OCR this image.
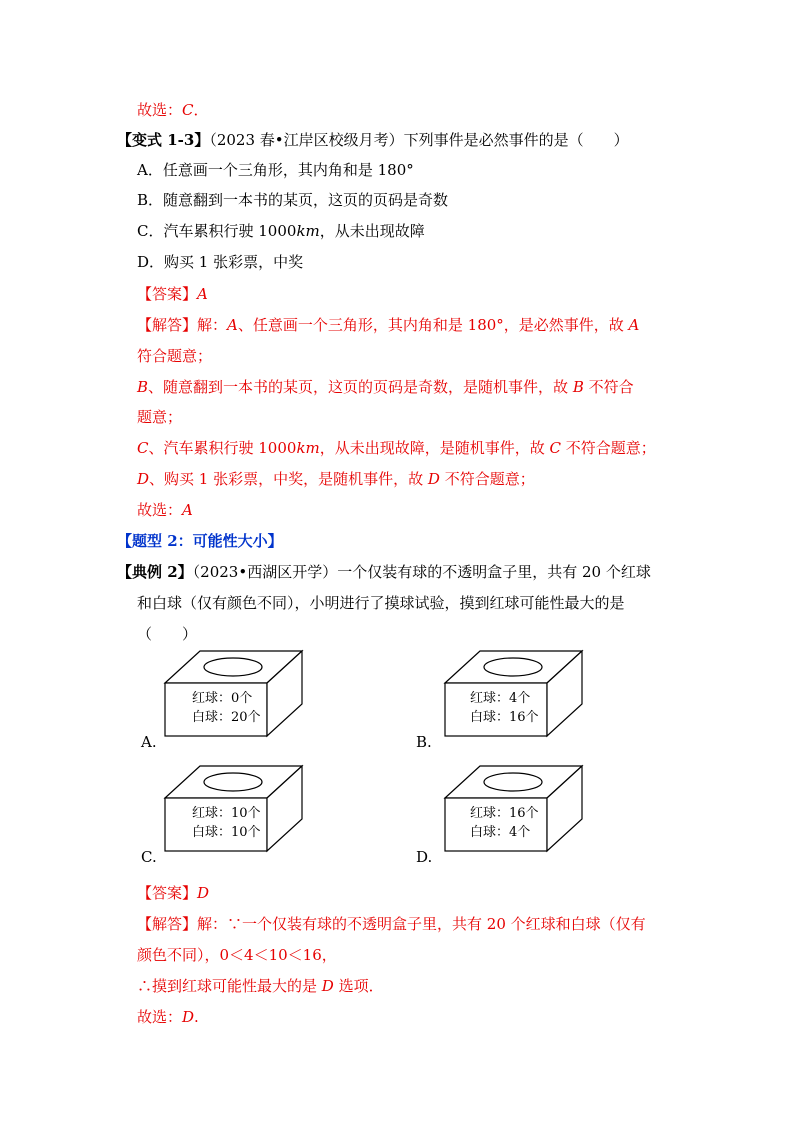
故选：C．
【变式 1-3】（2023 春•江岸区校级月考）下列事件是必然事件的是（　　）
A．任意画一个三角形，其内角和是 180°
B．随意翻到一本书的某页，这页的页码是奇数
C．汽车累积行驶 1000km，从未出现故障
D．购买 1 张彩票，中奖
【答案】A
【解答】解：A、任意画一个三角形，其内角和是 180°，是必然事件，故 A
符合题意；
B、随意翻到一本书的某页，这页的页码是奇数，是随机事件，故 B 不符合
题意；
C、汽车累积行驶 1000km，从未出现故障，是随机事件，故 C 不符合题意；
D、购买 1 张彩票，中奖，是随机事件，故 D 不符合题意；
故选：A
【题型 2：可能性大小】
【典例 2】（2023•西湖区开学）一个仅装有球的不透明盒子里，共有 20 个红球
和白球（仅有颜色不同），小明进行了摸球试验，摸到红球可能性最大的是
（　　）
红球：0个
白球：20个
A.
红球：4个
白球：16个
B.
红球：10个
白球：10个
C.
红球：16个
白球：4个
D.
【答案】D
【解答】解：∵一个仅装有球的不透明盒子里，共有 20 个红球和白球（仅有
颜色不同），0＜4＜10＜16，
∴摸到红球可能性最大的是 D 选项．
故选：D.
